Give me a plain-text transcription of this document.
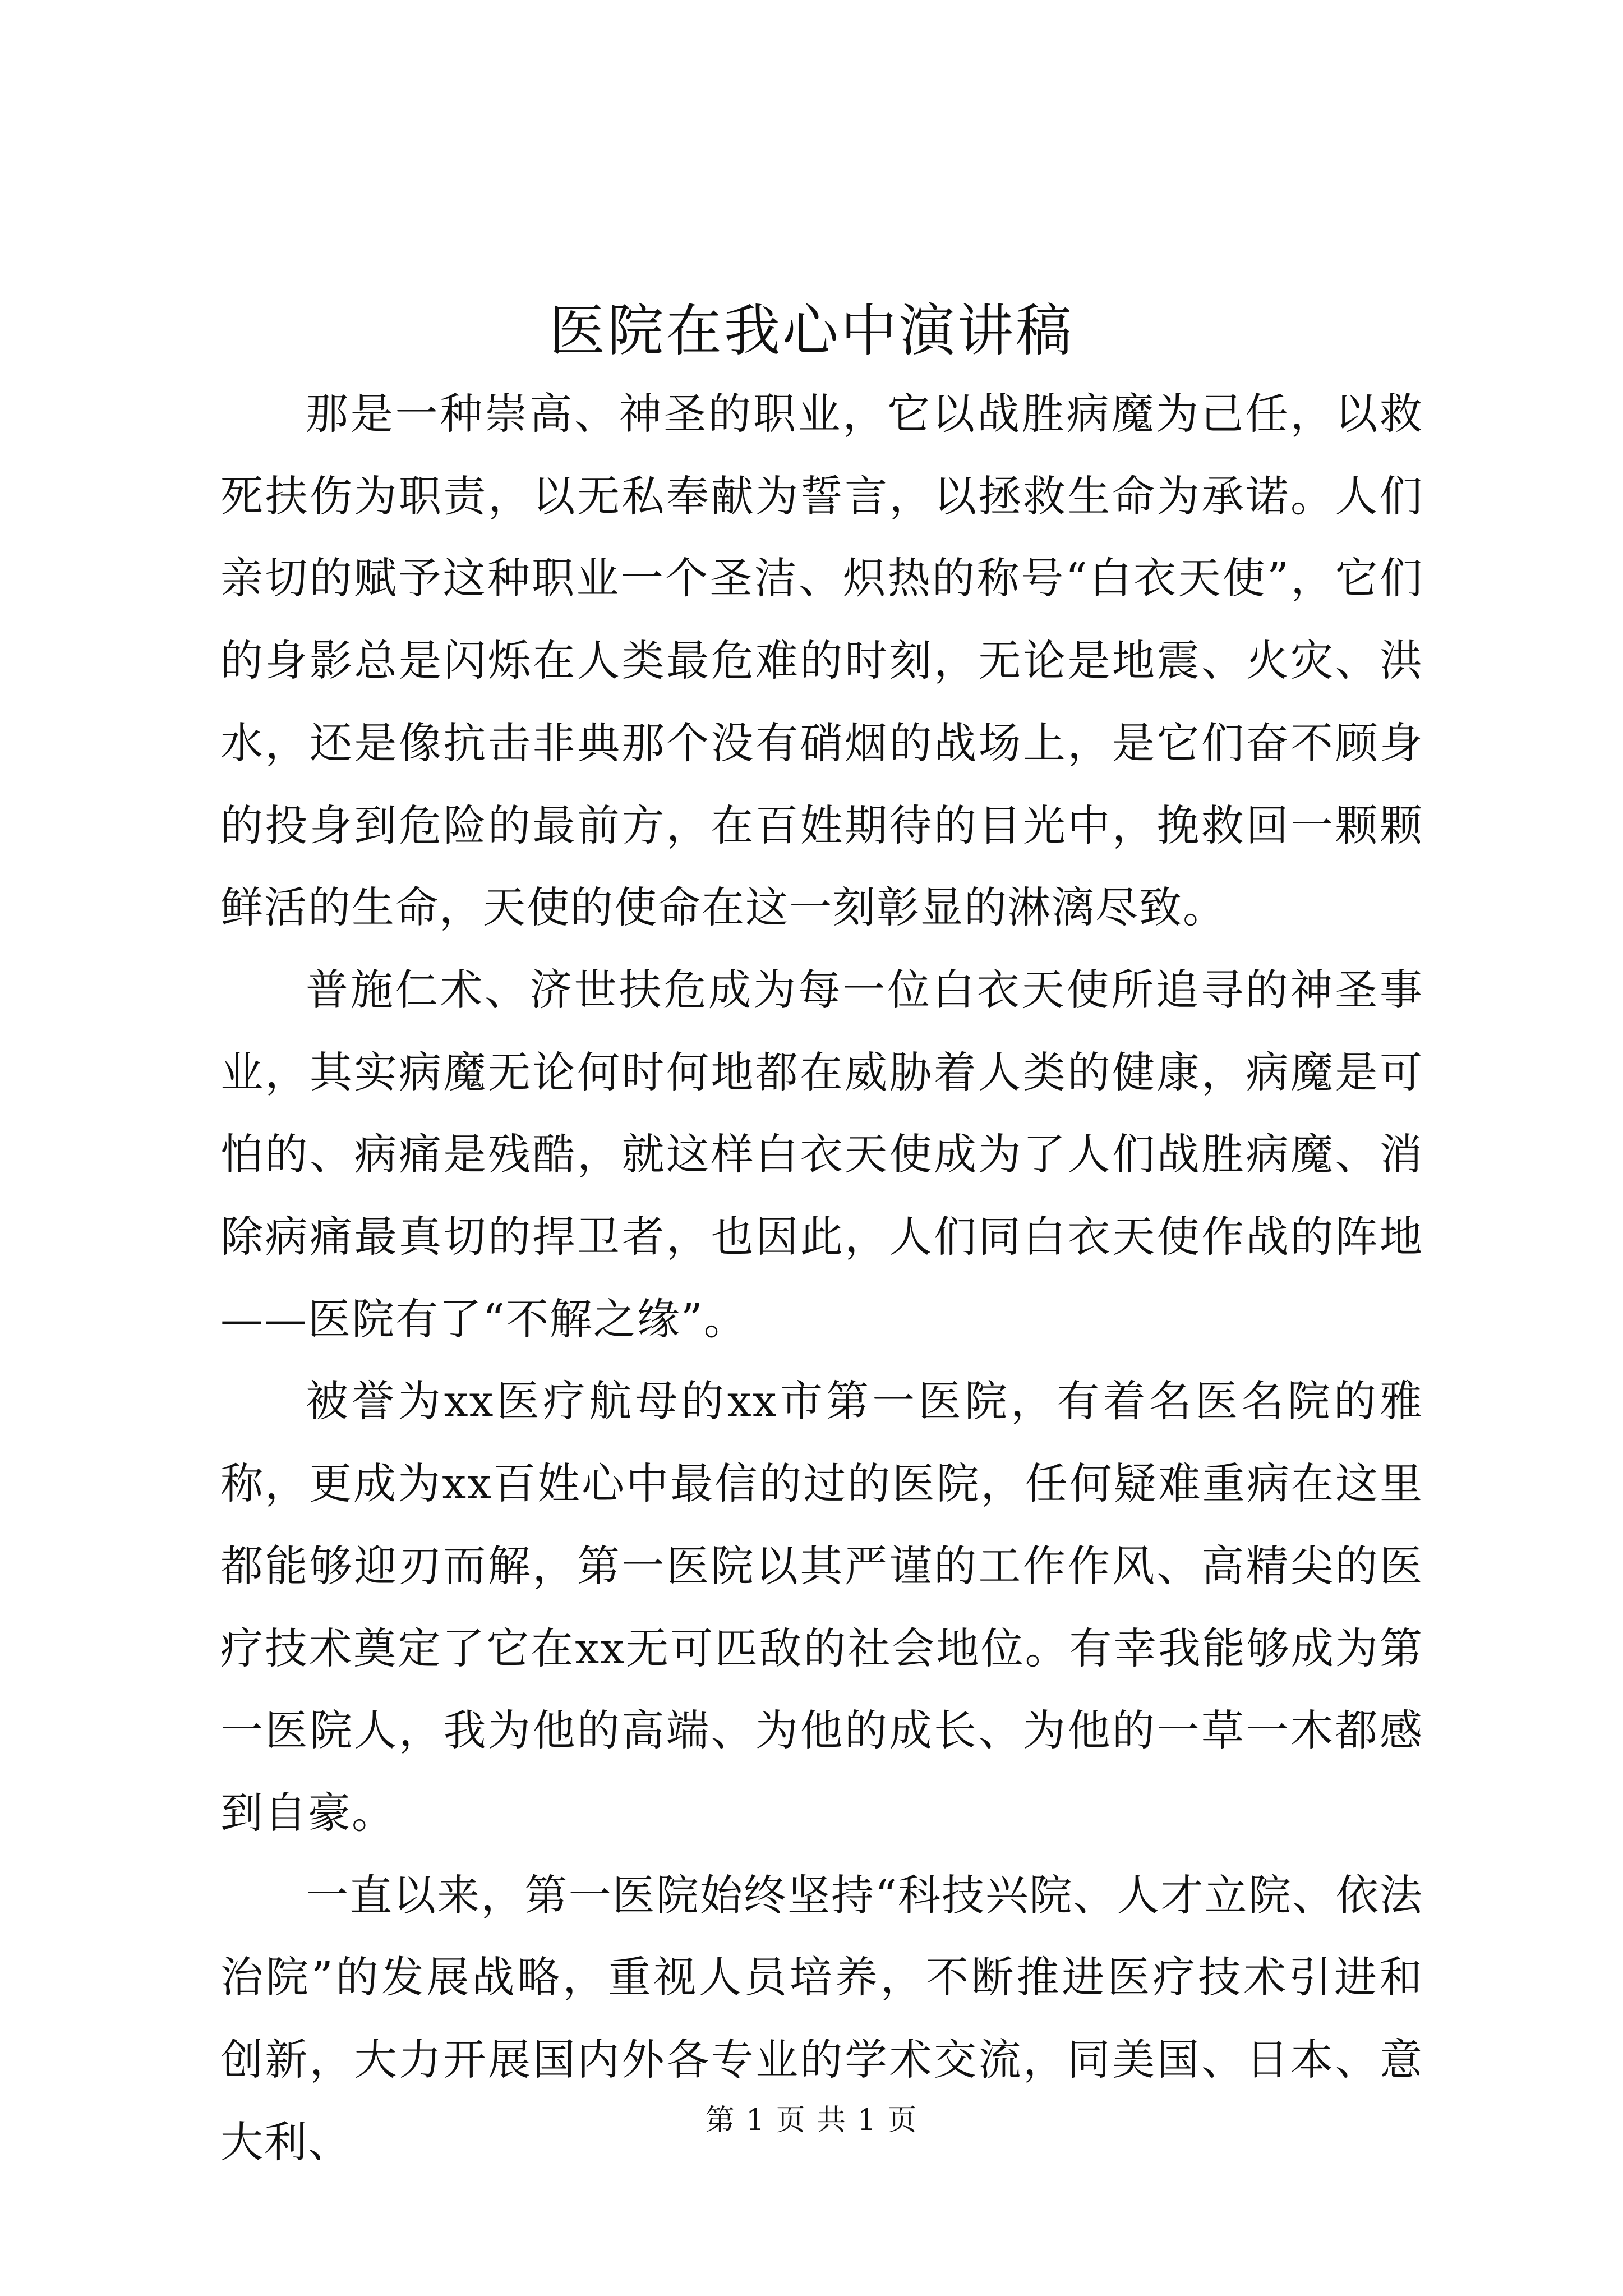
医院在我心中演讲稿

那是一种崇高、神圣的职业，它以战胜病魔为己任，以救死扶伤为职责，以无私奉献为誓言，以拯救生命为承诺。人们亲切的赋予这种职业一个圣洁、炽热的称号“白衣天使”，它们的身影总是闪烁在人类最危难的时刻，无论是地震、火灾、洪水，还是像抗击非典那个没有硝烟的战场上，是它们奋不顾身的投身到危险的最前方，在百姓期待的目光中，挽救回一颗颗鲜活的生命，天使的使命在这一刻彰显的淋漓尽致。

普施仁术、济世扶危成为每一位白衣天使所追寻的神圣事业，其实病魔无论何时何地都在威胁着人类的健康，病魔是可怕的、病痛是残酷，就这样白衣天使成为了人们战胜病魔、消除病痛最真切的捍卫者，也因此，人们同白衣天使作战的阵地——医院有了“不解之缘”。

被誉为xx医疗航母的xx市第一医院，有着名医名院的雅称，更成为xx百姓心中最信的过的医院，任何疑难重病在这里都能够迎刃而解，第一医院以其严谨的工作作风、高精尖的医疗技术奠定了它在xx无可匹敌的社会地位。有幸我能够成为第一医院人，我为他的高端、为他的成长、为他的一草一木都感到自豪。

一直以来，第一医院始终坚持“科技兴院、人才立院、依法治院”的发展战略，重视人员培养，不断推进医疗技术引进和创新，大力开展国内外各专业的学术交流，同美国、日本、意大利、	第 1 页 共 1 页
